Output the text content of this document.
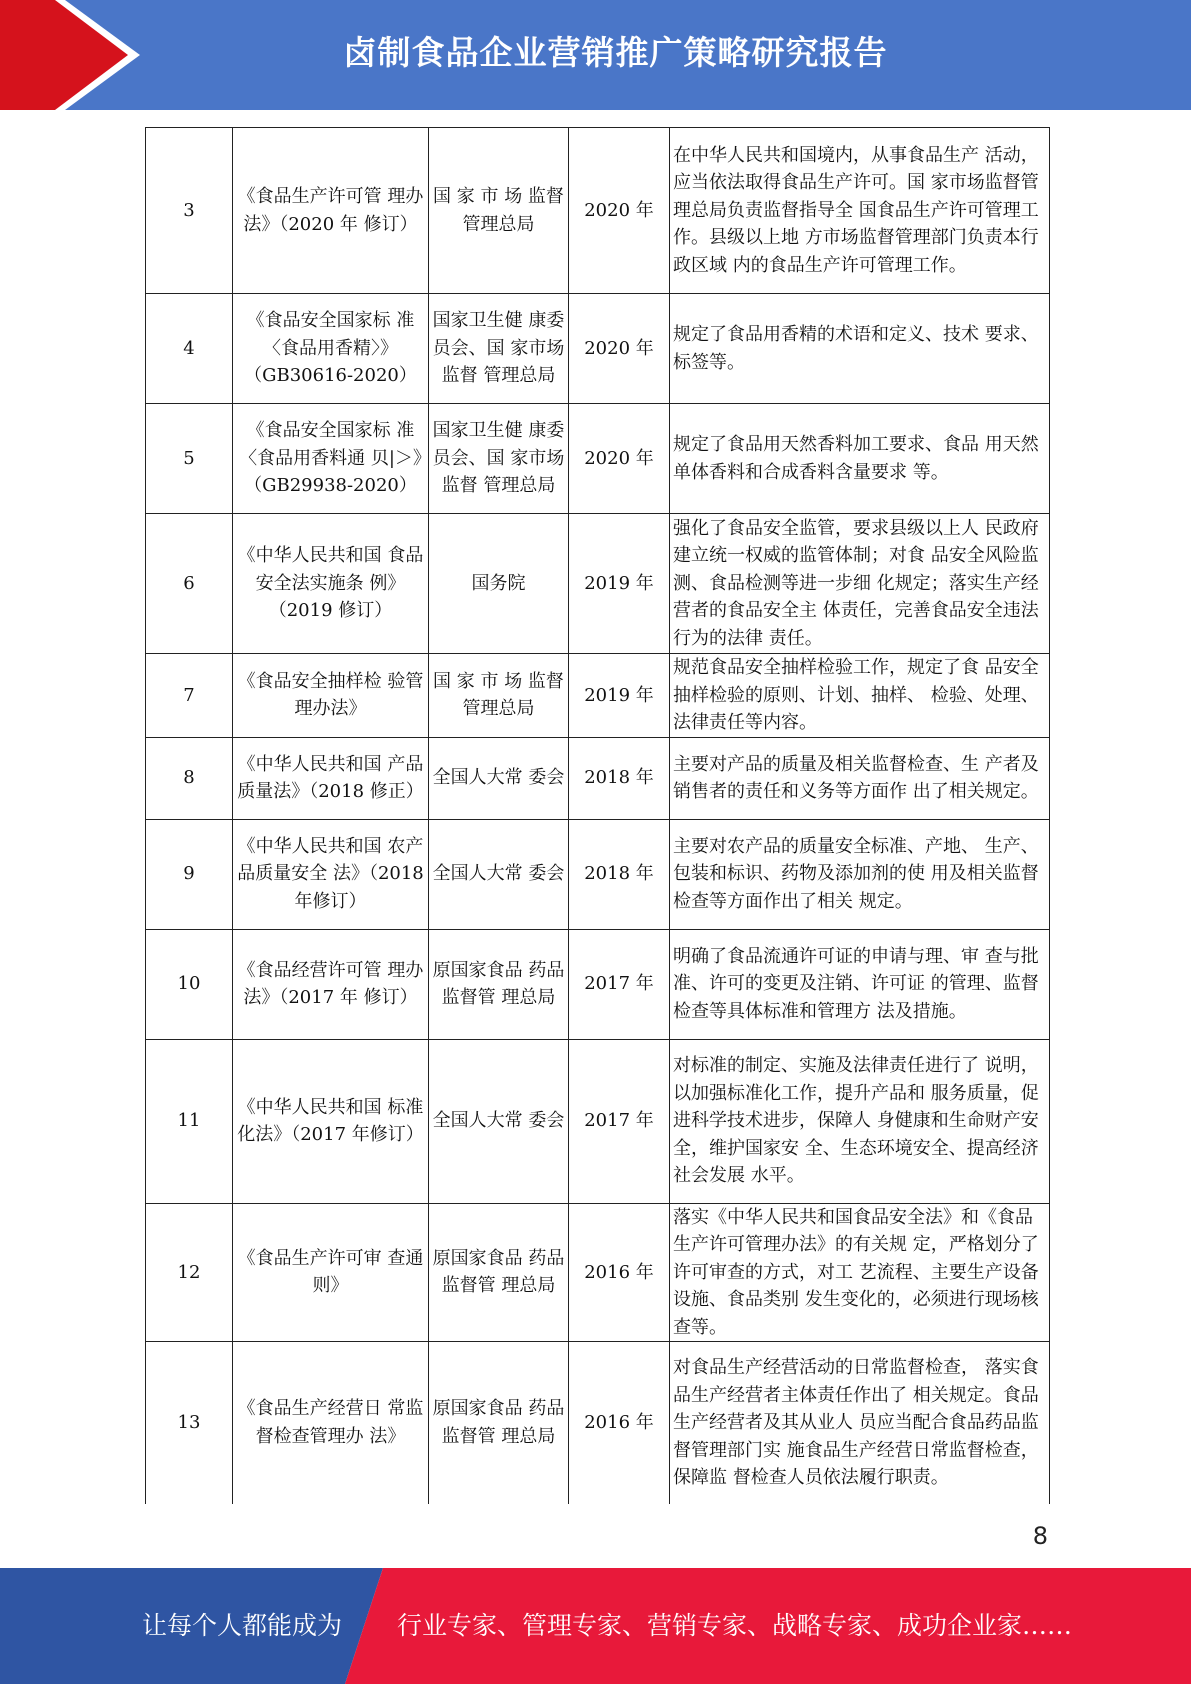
卤制食品企业营销推广策略研究报告
3	《食品生产许可管 理办法》（2020 年 修订）	国 家 市 场 监督管理总局	2020 年	在中华人民共和国境内，从事食品生产 活动，应当依法取得食品生产许可。国 家市场监督管理总局负责监督指导全 国食品生产许可管理工作。县级以上地 方市场监督管理部门负责本行政区域 内的食品生产许可管理工作。
4	《食品安全国家标 准〈食品用香精〉》（GB30616-2020）	国家卫生健 康委员会、国 家市场监督 管理总局	2020 年	规定了食品用香精的术语和定义、技术 要求、标签等。
5	《食品安全国家标 准〈食品用香料通 贝|＞》（GB29938-2020）	国家卫生健 康委员会、国 家市场监督 管理总局	2020 年	规定了食品用天然香料加工要求、食品 用天然单体香料和合成香料含量要求 等。
6	《中华人民共和国 食品安全法实施条 例》（2019 修订）	国务院	2019 年	强化了食品安全监管，要求县级以上人 民政府建立统一权威的监管体制；对食 品安全风险监测、食品检测等进一步细 化规定；落实生产经营者的食品安全主 体责任，完善食品安全违法行为的法律 责任。
7	《食品安全抽样检 验管理办法》	国 家 市 场 监督管理总局	2019 年	规范食品安全抽样检验工作，规定了食 品安全抽样检验的原则、计划、抽样、 检验、处理、法律责任等内容。
8	《中华人民共和国 产品质量法》（2018 修正）	全国人大常 委会	2018 年	主要对产品的质量及相关监督检查、生 产者及销售者的责任和义务等方面作 出了相关规定。
9	《中华人民共和国 农产品质量安全 法》（2018 年修订）	全国人大常 委会	2018 年	主要对农产品的质量安全标准、产地、 生产、包装和标识、药物及添加剂的使 用及相关监督检查等方面作出了相关 规定。
10	《食品经营许可管 理办法》（2017 年 修订）	原国家食品 药品监督管 理总局	2017 年	明确了食品流通许可证的申请与理、审 查与批准、许可的变更及注销、许可证 的管理、监督检查等具体标准和管理方 法及措施。
11	《中华人民共和国 标准化法》（2017 年修订）	全国人大常 委会	2017 年	对标准的制定、实施及法律责任进行了 说明，以加强标准化工作，提升产品和 服务质量，促进科学技术进步，保障人 身健康和生命财产安全，维护国家安 全、生态环境安全、提高经济社会发展 水平。
12	《食品生产许可审 查通则》	原国家食品 药品监督管 理总局	2016 年	落实《中华人民共和国食品安全法》和《食品生产许可管理办法》的有关规 定，严格划分了许可审查的方式，对工 艺流程、主要生产设备设施、食品类别 发生变化的，必须进行现场核查等。
13	《食品生产经营日 常监督检查管理办 法》	原国家食品 药品监督管 理总局	2016 年	对食品生产经营活动的日常监督检查， 落实食品生产经营者主体责任作出了 相关规定。食品生产经营者及其从业人 员应当配合食品药品监督管理部门实 施食品生产经营日常监督检查，保障监 督检查人员依法履行职责。
8
让每个人都能成为 行业专家、管理专家、营销专家、战略专家、成功企业家……
